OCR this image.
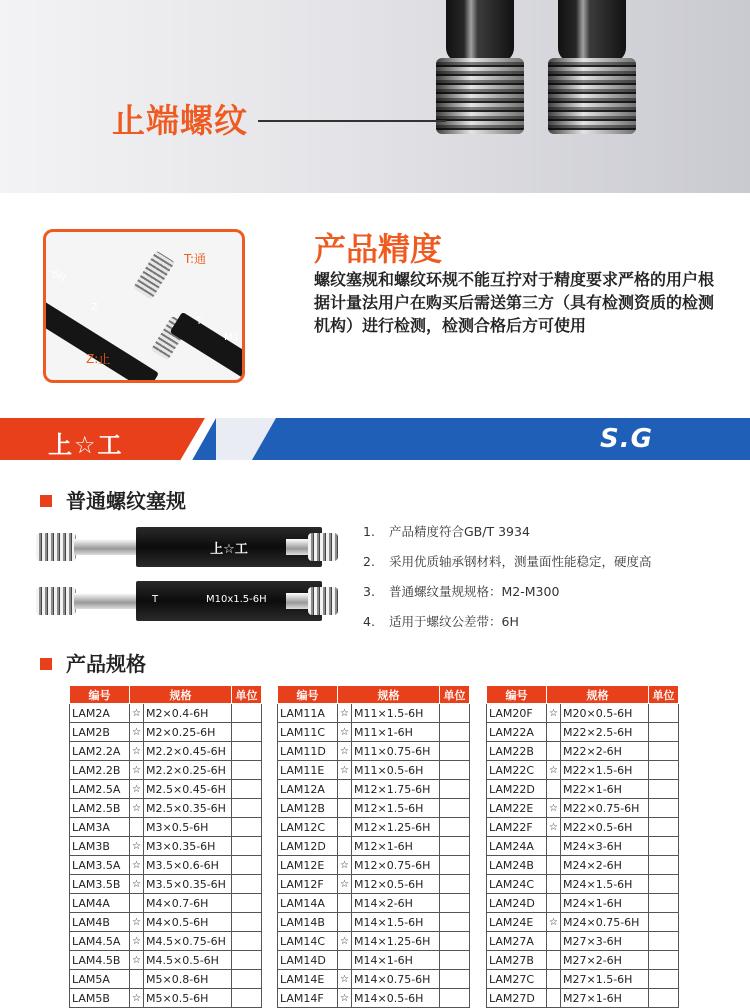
止端螺纹
-6H
Z
T
M1
T:通
Z:止
产品精度
螺纹塞规和螺纹环规不能互拧对于精度要求严格的用户根据计量法用户在购买后需送第三方（具有检测资质的检测机构）进行检测，检测合格后方可使用
上☆工	S.G
普通螺纹塞规
上☆工
T	M10x1.5-6H
1. 产品精度符合GB/T 3934
2. 采用优质轴承钢材料，测量面性能稳定，硬度高
3. 普通螺纹量规规格：M2-M300
4. 适用于螺纹公差带：6H
产品规格
编号	规格		单位
LAM2A	☆	M2×0.4-6H	
LAM2B	☆	M2×0.25-6H	
LAM2.2A	☆	M2.2×0.45-6H	
LAM2.2B	☆	M2.2×0.25-6H	
LAM2.5A	☆	M2.5×0.45-6H	
LAM2.5B	☆	M2.5×0.35-6H	
LAM3A		M3×0.5-6H	
LAM3B	☆	M3×0.35-6H	
LAM3.5A	☆	M3.5×0.6-6H	
LAM3.5B	☆	M3.5×0.35-6H	
LAM4A		M4×0.7-6H	
LAM4B	☆	M4×0.5-6H	
LAM4.5A	☆	M4.5×0.75-6H	
LAM4.5B	☆	M4.5×0.5-6H	
LAM5A		M5×0.8-6H	
LAM5B	☆	M5×0.5-6H	
编号	规格		单位
LAM11A	☆	M11×1.5-6H	
LAM11C	☆	M11×1-6H	
LAM11D	☆	M11×0.75-6H	
LAM11E	☆	M11×0.5-6H	
LAM12A		M12×1.75-6H	
LAM12B		M12×1.5-6H	
LAM12C		M12×1.25-6H	
LAM12D		M12×1-6H	
LAM12E	☆	M12×0.75-6H	
LAM12F	☆	M12×0.5-6H	
LAM14A		M14×2-6H	
LAM14B		M14×1.5-6H	
LAM14C	☆	M14×1.25-6H	
LAM14D		M14×1-6H	
LAM14E	☆	M14×0.75-6H	
LAM14F	☆	M14×0.5-6H	
编号	规格		单位
LAM20F	☆	M20×0.5-6H	
LAM22A		M22×2.5-6H	
LAM22B		M22×2-6H	
LAM22C	☆	M22×1.5-6H	
LAM22D		M22×1-6H	
LAM22E	☆	M22×0.75-6H	
LAM22F	☆	M22×0.5-6H	
LAM24A		M24×3-6H	
LAM24B		M24×2-6H	
LAM24C		M24×1.5-6H	
LAM24D		M24×1-6H	
LAM24E	☆	M24×0.75-6H	
LAM27A		M27×3-6H	
LAM27B		M27×2-6H	
LAM27C		M27×1.5-6H	
LAM27D		M27×1-6H	
